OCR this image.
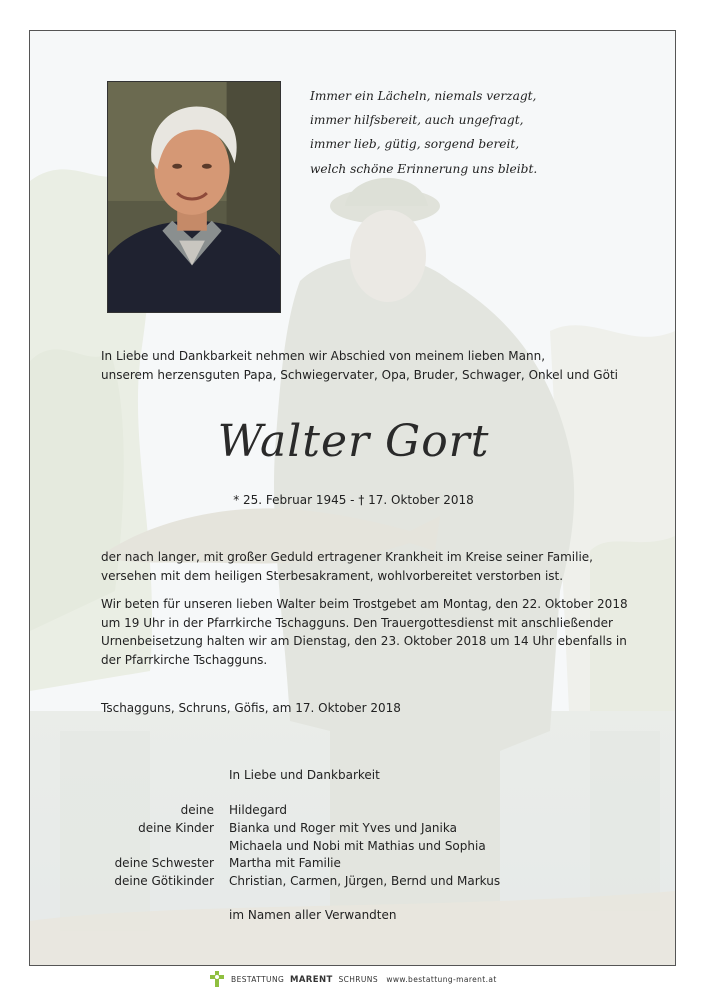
Immer ein Lächeln, niemals verzagt,
immer hilfsbereit, auch ungefragt,
immer lieb, gütig, sorgend bereit,
welch schöne Erinnerung uns bleibt.
In Liebe und Dankbarkeit nehmen wir Abschied von meinem lieben Mann,
unserem herzensguten Papa, Schwiegervater, Opa, Bruder, Schwager, Onkel und Göti
Walter Gort
* 25. Februar 1945 - † 17. Oktober 2018
der nach langer, mit großer Geduld ertragener Krankheit im Kreise seiner Familie,
versehen mit dem heiligen Sterbesakrament, wohlvorbereitet verstorben ist.
Wir beten für unseren lieben Walter beim Trostgebet am Montag, den 22. Oktober 2018
um 19 Uhr in der Pfarrkirche Tschagguns. Den Trauergottesdienst mit anschließender
Urnenbeisetzung halten wir am Dienstag, den 23. Oktober 2018 um 14 Uhr ebenfalls in
der Pfarrkirche Tschagguns.
Tschagguns, Schruns, Göfis, am 17. Oktober 2018
In Liebe und Dankbarkeit
deine Hildegard
deine Kinder Bianka und Roger mit Yves und Janika
Michaela und Nobi mit Mathias und Sophia
deine Schwester Martha mit Familie
deine Götikinder Christian, Carmen, Jürgen, Bernd und Markus
im Namen aller Verwandten
BESTATTUNG MARENT SCHRUNS www.bestattung-marent.at
